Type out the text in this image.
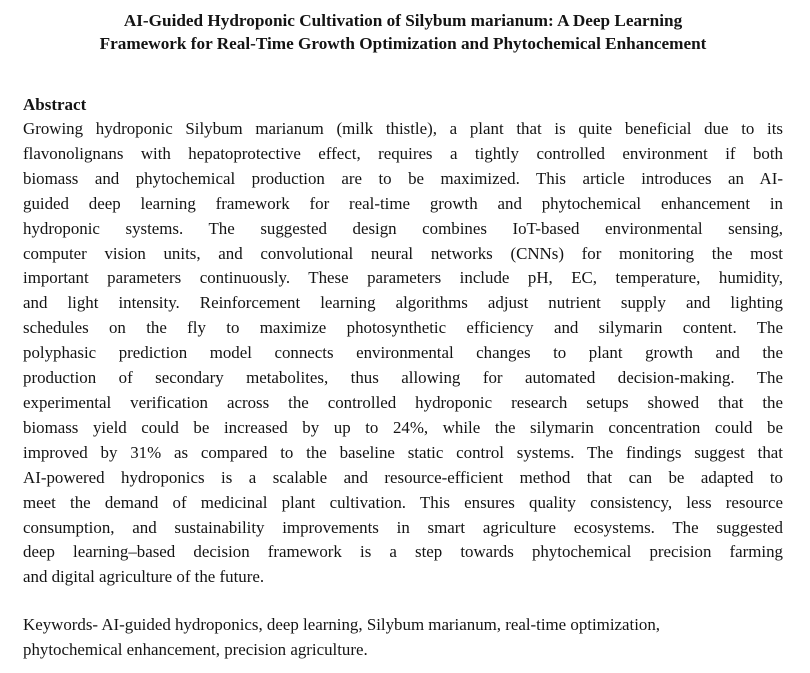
AI-Guided Hydroponic Cultivation of Silybum marianum: A Deep Learning
Framework for Real-Time Growth Optimization and Phytochemical Enhancement
Abstract
Growing hydroponic Silybum marianum (milk thistle), a plant that is quite beneficial due to its
flavonolignans with hepatoprotective effect, requires a tightly controlled environment if both
biomass and phytochemical production are to be maximized. This article introduces an AI-
guided deep learning framework for real-time growth and phytochemical enhancement in
hydroponic systems. The suggested design combines IoT-based environmental sensing,
computer vision units, and convolutional neural networks (CNNs) for monitoring the most
important parameters continuously. These parameters include pH, EC, temperature, humidity,
and light intensity. Reinforcement learning algorithms adjust nutrient supply and lighting
schedules on the fly to maximize photosynthetic efficiency and silymarin content. The
polyphasic prediction model connects environmental changes to plant growth and the
production of secondary metabolites, thus allowing for automated decision-making. The
experimental verification across the controlled hydroponic research setups showed that the
biomass yield could be increased by up to 24%, while the silymarin concentration could be
improved by 31% as compared to the baseline static control systems. The findings suggest that
AI-powered hydroponics is a scalable and resource-efficient method that can be adapted to
meet the demand of medicinal plant cultivation. This ensures quality consistency, less resource
consumption, and sustainability improvements in smart agriculture ecosystems. The suggested
deep learning–based decision framework is a step towards phytochemical precision farming
and digital agriculture of the future.
Keywords- AI-guided hydroponics, deep learning, Silybum marianum, real-time optimization,
phytochemical enhancement, precision agriculture.
